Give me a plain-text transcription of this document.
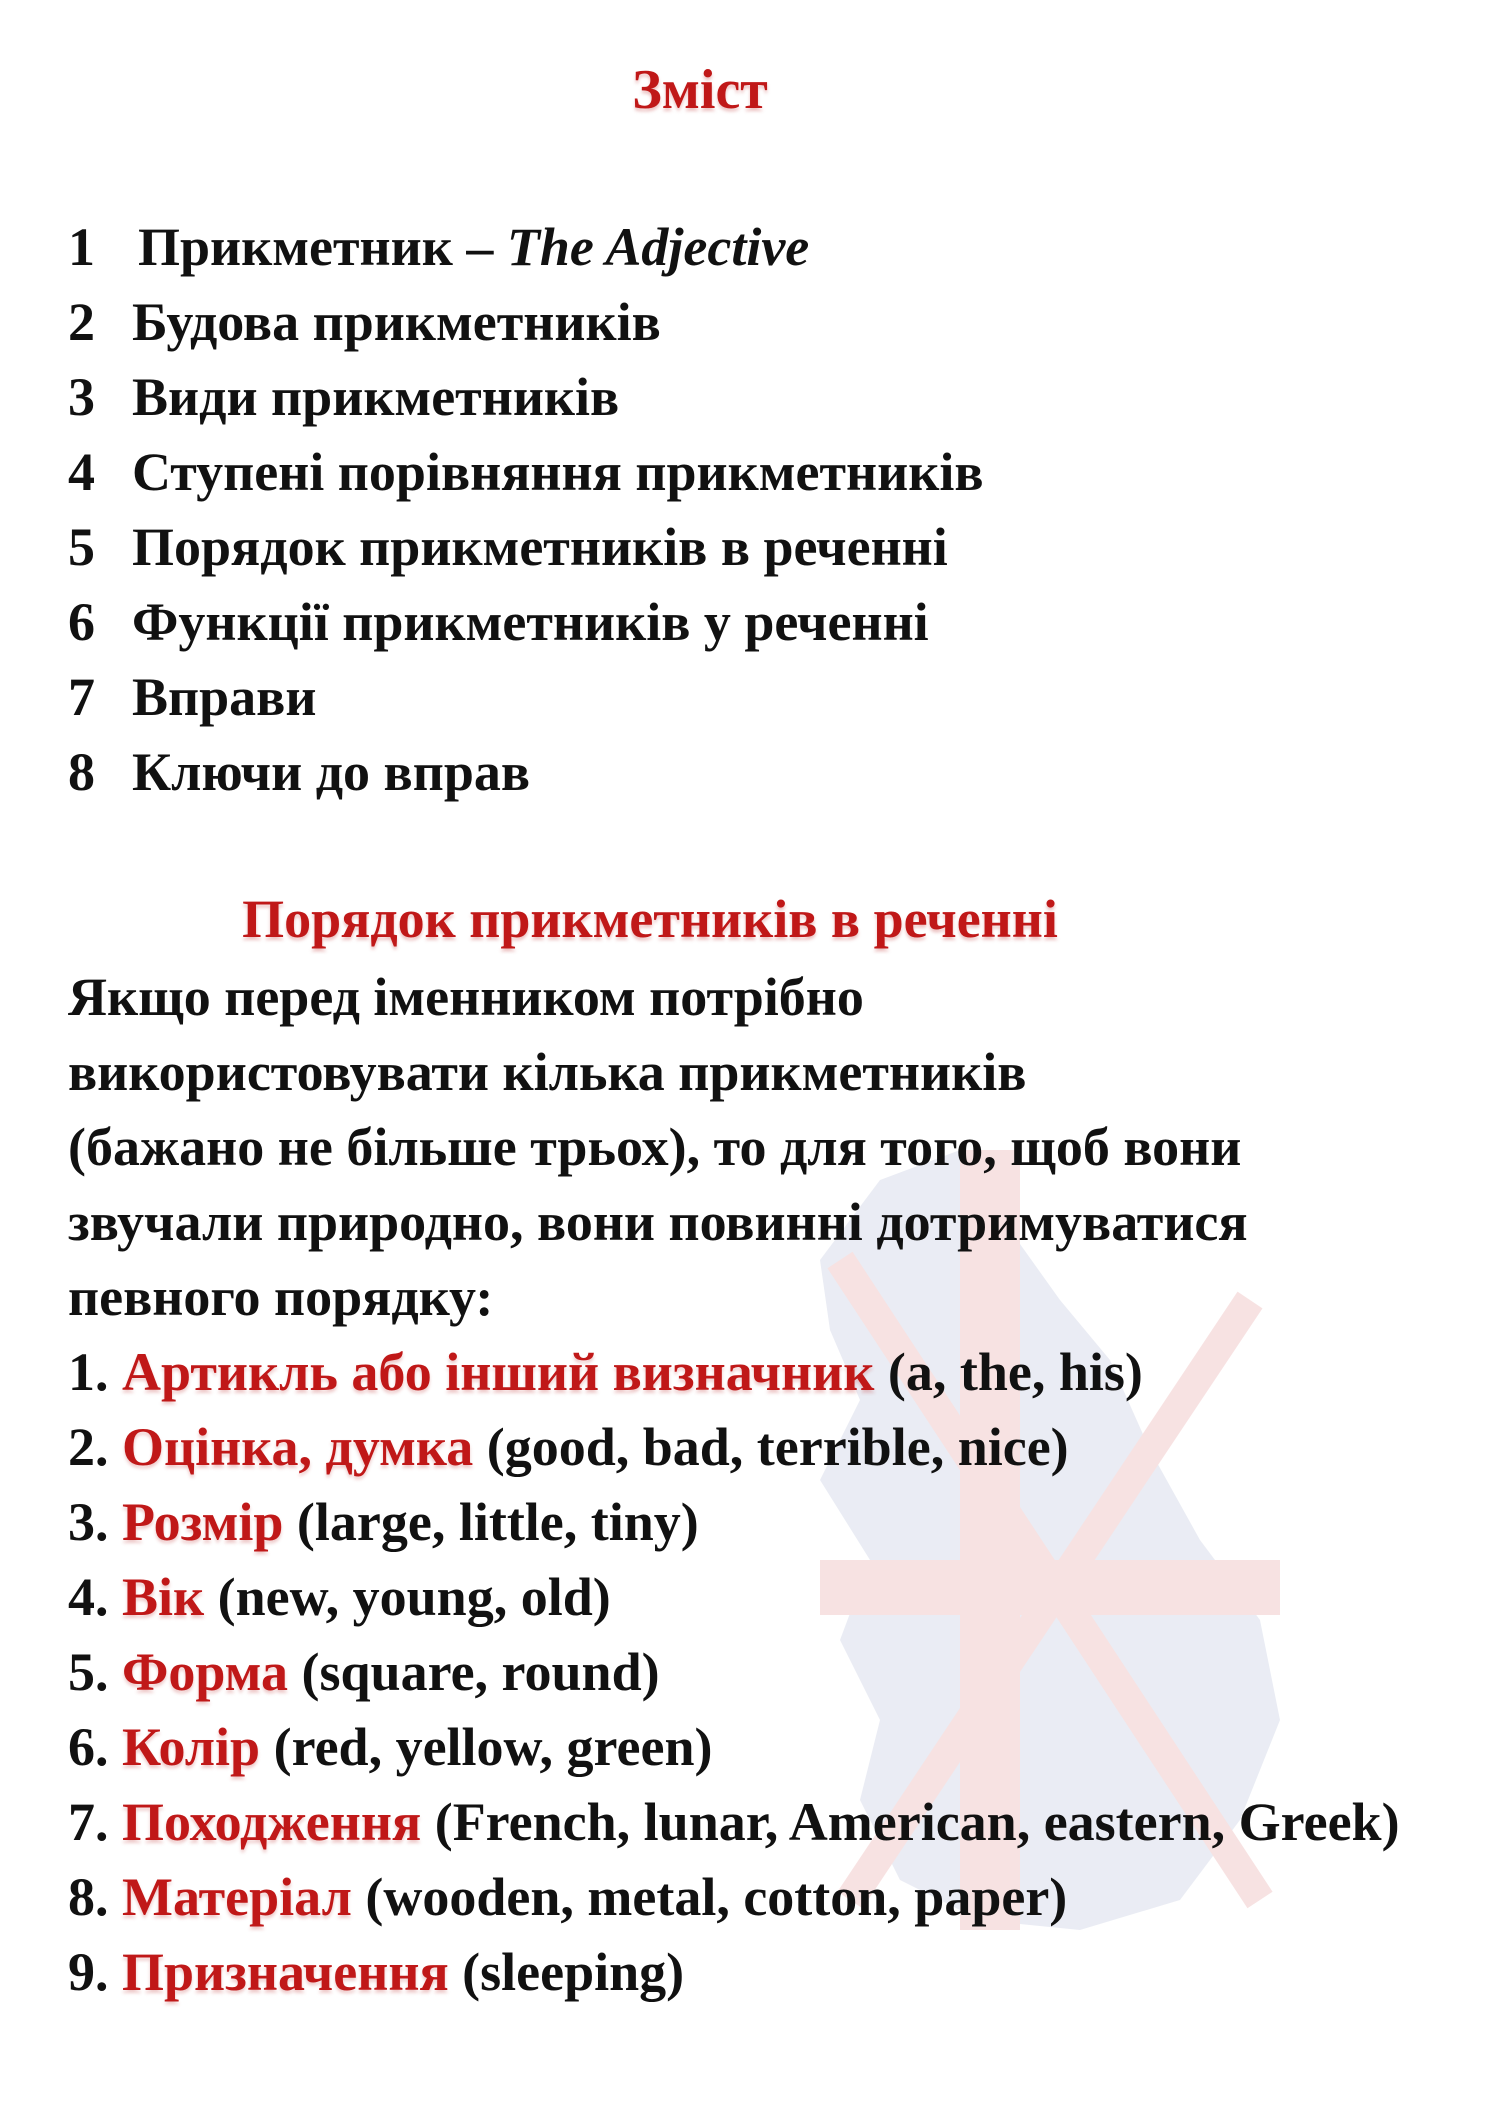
Зміст
1 Прикметник – The Adjective
2 Будова прикметників
3 Види прикметників
4 Ступені порівняння прикметників
5 Порядок прикметників в реченні
6 Функції прикметників у реченні
7 Вправи
8 Ключи до вправ
Порядок прикметників в реченні

Якщо перед іменником потрібно
використовувати кілька прикметників
(бажано не більше трьох), то для того, щоб вони
звучали природно, вони повинні дотримуватися
певного порядку:

1. Артикль або інший визначник (a, the, his)
2. Оцінка, думка (good, bad, terrible, nice)
3. Розмір (large, little, tiny)
4. Вік (new, young, old)
5. Форма (square, round)
6. Колір (red, yellow, green)
7. Походження (French, lunar, American, eastern, Greek)
8. Матеріал (wooden, metal, cotton, paper)
9. Призначення (sleeping)
